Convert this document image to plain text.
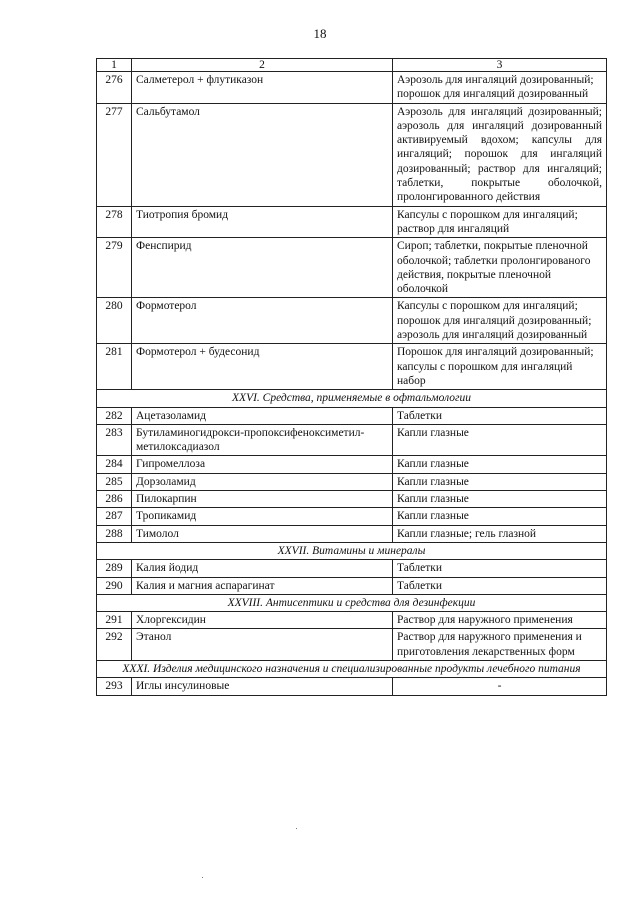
18
1	2	3
276	Салметерол + флутиказон	Аэрозоль для ингаляций дозированный; порошок для ингаляций дозированный
277	Сальбутамол	Аэрозоль для ингаляций дозированный; аэрозоль для ингаляций дозированный активируемый вдохом; капсулы для ингаляций; порошок для ингаляций дозированный; раствор для ингаляций; таблетки, покрытые оболочкой, пролонгированного действия
278	Тиотропия бромид	Капсулы с порошком для ингаляций; раствор для ингаляций
279	Фенспирид	Сироп; таблетки, покрытые пленочной оболочкой; таблетки пролонгированого действия, покрытые пленочной оболочкой
280	Формотерол	Капсулы с порошком для ингаляций; порошок для ингаляций дозированный; аэрозоль для ингаляций дозированный
281	Формотерол + будесонид	Порошок для ингаляций дозированный; капсулы с порошком для ингаляций набор
XXVI. Средства, применяемые в офтальмологии		
282	Ацетазоламид	Таблетки
283	Бутиламиногидрокси-пропоксифеноксиметил-метилоксадиазол	Капли глазные
284	Гипромеллоза	Капли глазные
285	Дорзоламид	Капли глазные
286	Пилокарпин	Капли глазные
287	Тропикамид	Капли глазные
288	Тимолол	Капли глазные; гель глазной
XXVII. Витамины и минералы		
289	Калия йодид	Таблетки
290	Калия и магния аспарагинат	Таблетки
XXVIII. Антисептики и средства для дезинфекции		
291	Хлоргексидин	Раствор для наружного применения
292	Этанол	Раствор для наружного применения и приготовления лекарственных форм
XXXI. Изделия медицинского назначения и специализированные продукты лечебного питания		
293	Иглы инсулиновые	-
